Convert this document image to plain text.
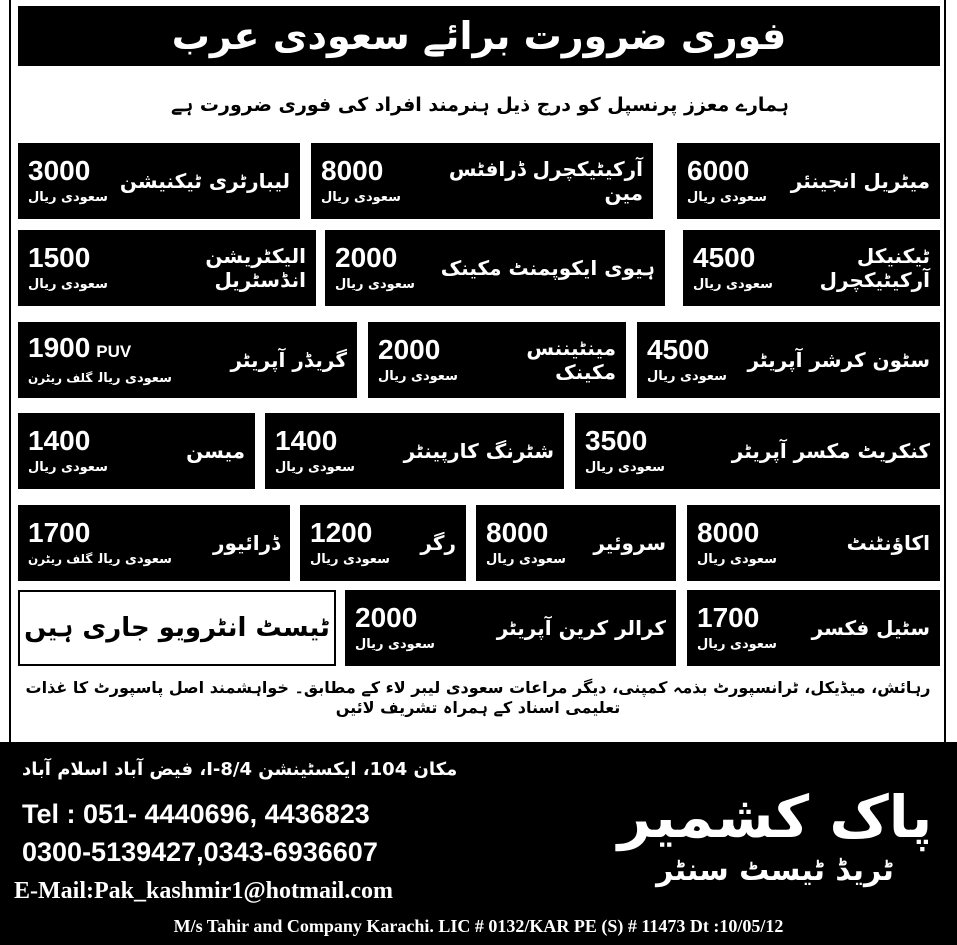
فوری ضرورت برائے سعودی عرب
ہمارے معزز پرنسپل کو درج ذیل ہنرمند افراد کی فوری ضرورت ہے
میٹریل انجینئر
6000
سعودی ریال
آرکیٹیکچرل ڈرافٹس مین
8000
سعودی ریال
لیبارٹری ٹیکنیشن
3000
سعودی ریال
ٹیکنیکل آرکیٹیکچرل
4500
سعودی ریال
ہیوی ایکوپمنٹ مکینک
2000
سعودی ریال
الیکٹریشن انڈسٹریل
1500
سعودی ریال
سٹون کرشر آپریٹر
4500
سعودی ریال
مینٹیننس مکینک
2000
سعودی ریال
گریڈر آپریٹر
1900 PUV
سعودی ریالگلف ریٹرن
کنکریٹ مکسر آپریٹر
3500
سعودی ریال
شٹرنگ کارپینٹر
1400
سعودی ریال
میسن
1400
سعودی ریال
اکاؤنٹنٹ
8000
سعودی ریال
سروئیر
8000
سعودی ریال
رگر
1200
سعودی ریال
ڈرائیور
1700
سعودی ریالگلف ریٹرن
سٹیل فکسر
1700
سعودی ریال
کرالر کرین آپریٹر
2000
سعودی ریال
ٹیسٹ انٹرویو جاری ہیں
رہائش، میڈیکل، ٹرانسپورٹ بذمہ کمپنی، دیگر مراعات سعودی لیبر لاء کے مطابق۔ خواہشمند اصل پاسپورٹ کا غذات تعلیمی اسناد کے ہمراہ تشریف لائیں
مکان 104، ایکسٹینشن I-8/4، فیض آباد اسلام آباد
Tel : 051- 4440696, 4436823
0300-5139427,0343-6936607
E-Mail:Pak_kashmir1@hotmail.com
پاک کشمیر
ٹریڈ ٹیسٹ سنٹر
M/s Tahir and Company Karachi. LIC # 0132/KAR PE (S) # 11473 Dt :10/05/12
